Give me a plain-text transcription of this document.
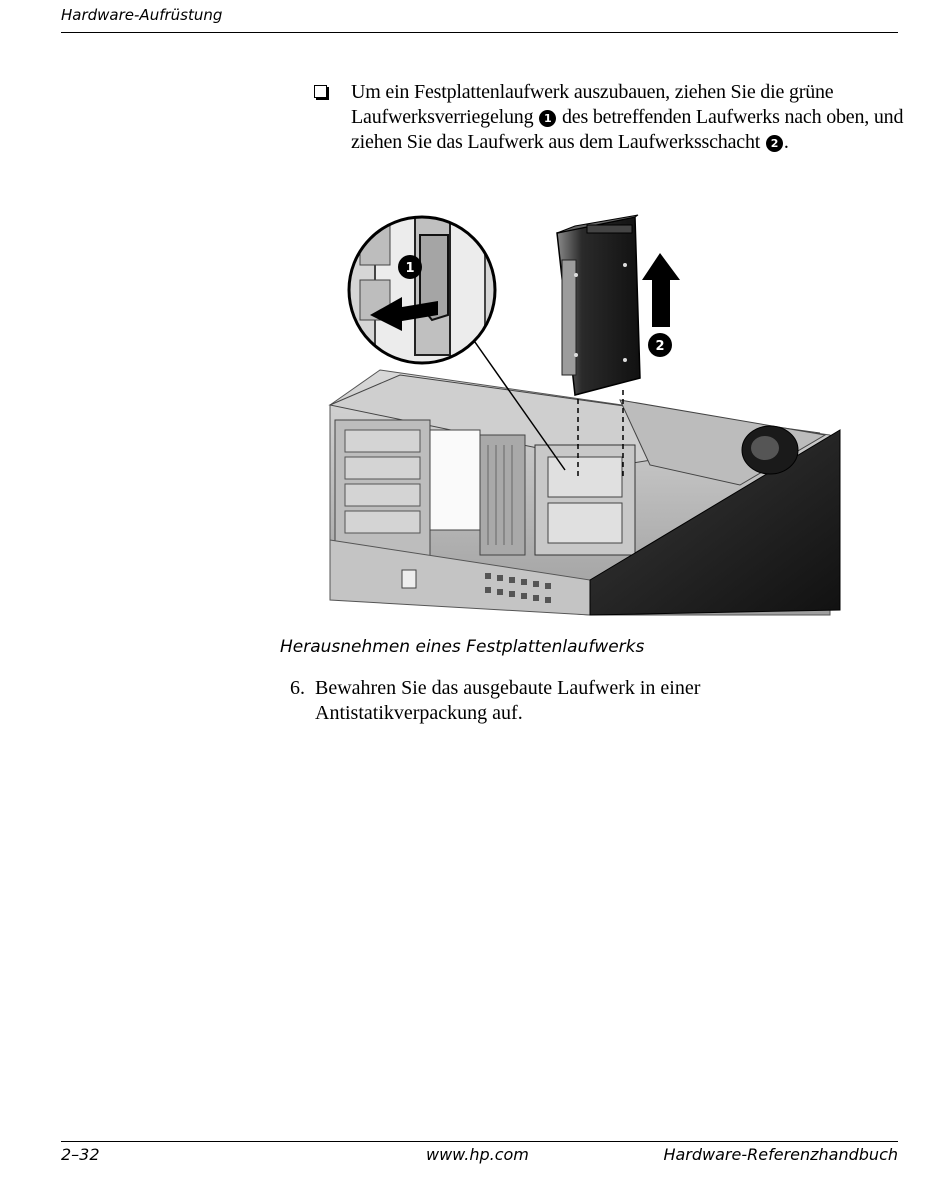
Hardware-Aufrüstung
Um ein Festplattenlaufwerk auszubauen, ziehen Sie die grüne Laufwerksverriegelung 1 des betreffenden Laufwerks nach oben, und ziehen Sie das Laufwerk aus dem Laufwerksschacht 2 .
1
2
Herausnehmen eines Festplattenlaufwerks
6. Bewahren Sie das ausgebaute Laufwerk in einer Antistatikverpackung auf.
2–32	www.hp.com	Hardware-Referenzhandbuch
